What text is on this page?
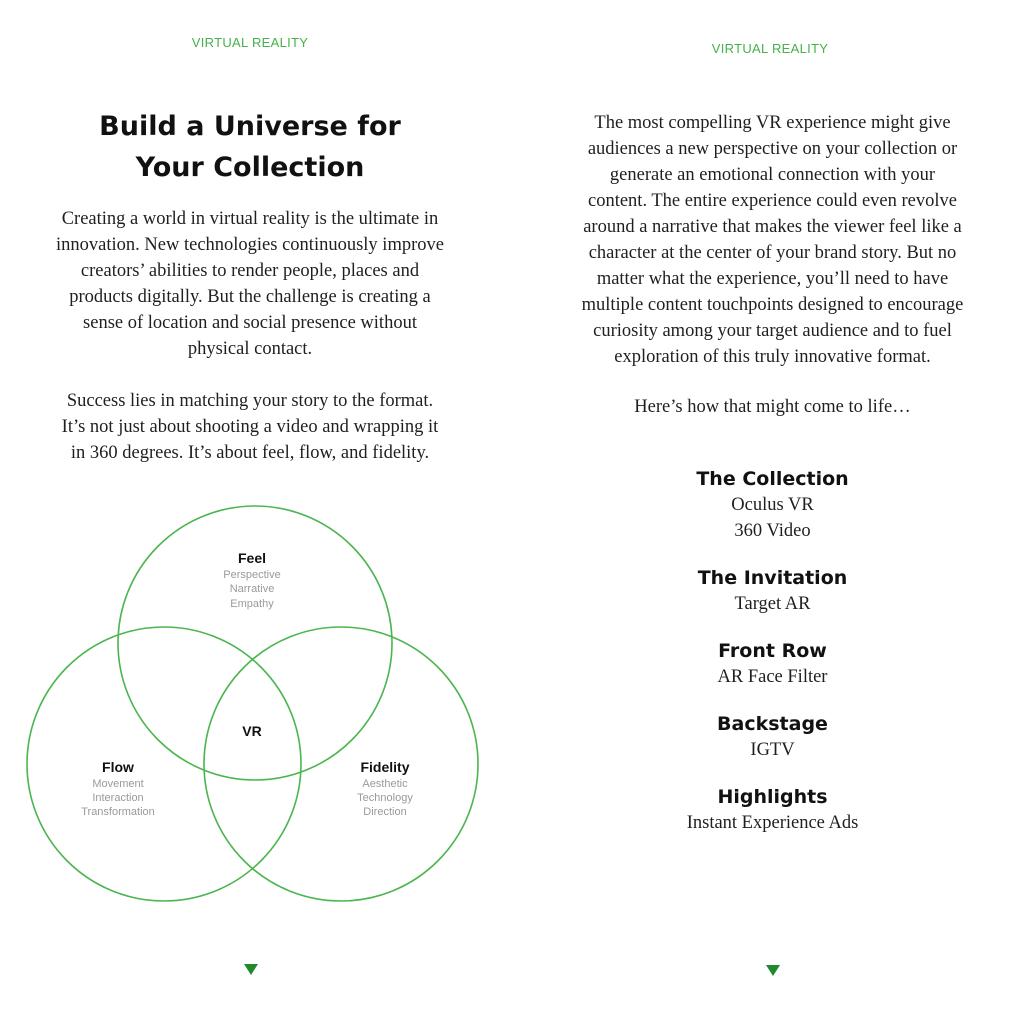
VIRTUAL REALITY
Build a Universe for
Your Collection
Creating a world in virtual reality is the ultimate in
innovation. New technologies continuously improve
creators’ abilities to render people, places and
products digitally. But the challenge is creating a
sense of location and social presence without
physical contact.
Success lies in matching your story to the format.
It’s not just about shooting a video and wrapping it
in 360 degrees. It’s about feel, flow, and fidelity.
Feel
Perspective
Narrative
Empathy
VR
Flow
Movement
Interaction
Transformation
Fidelity
Aesthetic
Technology
Direction
VIRTUAL REALITY
The most compelling VR experience might give
audiences a new perspective on your collection or
generate an emotional connection with your
content. The entire experience could even revolve
around a narrative that makes the viewer feel like a
character at the center of your brand story. But no
matter what the experience, you’ll need to have
multiple content touchpoints designed to encourage
curiosity among your target audience and to fuel
exploration of this truly innovative format.
Here’s how that might come to life…
The Collection
Oculus VR
360 Video
The Invitation
Target AR
Front Row
AR Face Filter
Backstage
IGTV
Highlights
Instant Experience Ads
